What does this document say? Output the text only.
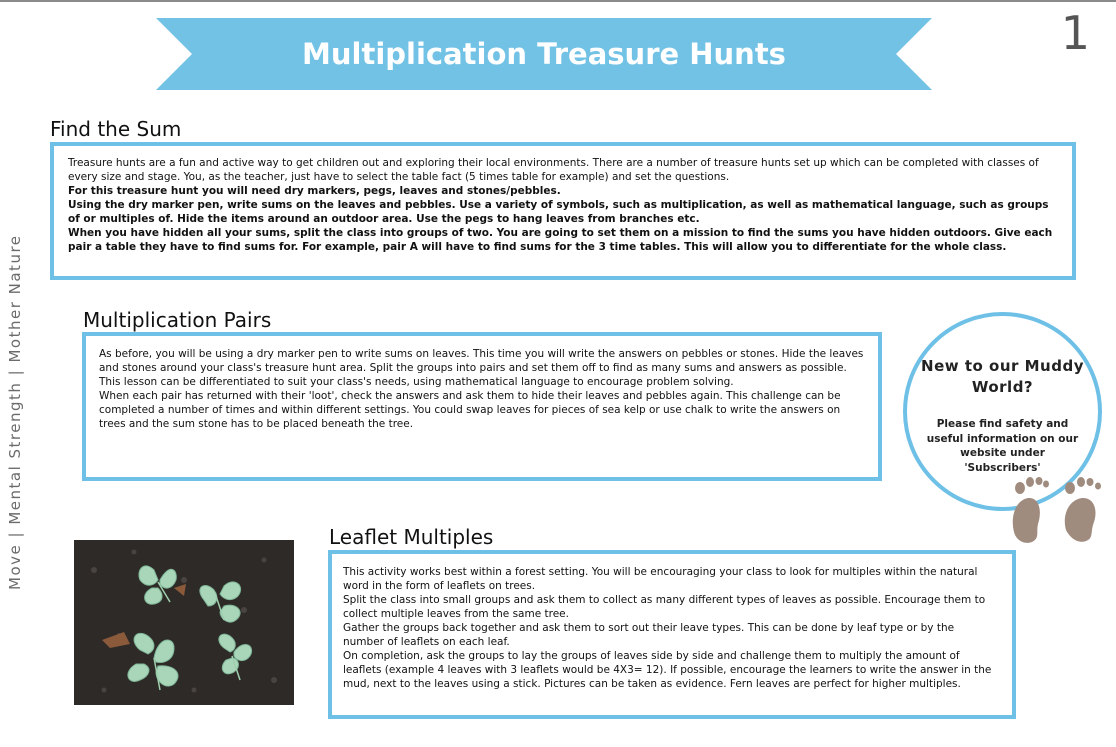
Multiplication Treasure Hunts	1
Move | Mental Strength | Mother Nature
Find the Sum

Treasure hunts are a fun and active way to get children out and exploring their local environments. There are a number of treasure hunts set up which can be completed with classes of every size and stage. You, as the teacher, just have to select the table fact (5 times table for example) and set the questions.

For this treasure hunt you will need dry markers, pegs, leaves and stones/pebbles.

Using the dry marker pen, write sums on the leaves and pebbles. Use a variety of symbols, such as multiplication, as well as mathematical language, such as groups of or multiples of. Hide the items around an outdoor area. Use the pegs to hang leaves from branches etc.

When you have hidden all your sums, split the class into groups of two. You are going to set them on a mission to find the sums you have hidden outdoors. Give each pair a table they have to find sums for. For example, pair A will have to find sums for the 3 time tables. This will allow you to differentiate for the whole class.

Multiplication Pairs

As before, you will be using a dry marker pen to write sums on leaves. This time you will write the answers on pebbles or stones. Hide the leaves and stones around your class's treasure hunt area. Split the groups into pairs and set them off to find as many sums and answers as possible.

This lesson can be differentiated to suit your class's needs, using mathematical language to encourage problem solving.

When each pair has returned with their 'loot', check the answers and ask them to hide their leaves and pebbles again. This challenge can be completed a number of times and within different settings. You could swap leaves for pieces of sea kelp or use chalk to write the answers on trees and the sum stone has to be placed beneath the tree.

New to our Muddy World?
Please find safety and useful information on our website under 'Subscribers'
Leaflet Multiples

This activity works best within a forest setting. You will be encouraging your class to look for multiples within the natural word in the form of leaflets on trees.

Split the class into small groups and ask them to collect as many different types of leaves as possible. Encourage them to collect multiple leaves from the same tree.

Gather the groups back together and ask them to sort out their leave types. This can be done by leaf type or by the number of leaflets on each leaf.

On completion, ask the groups to lay the groups of leaves side by side and challenge them to multiply the amount of leaflets (example 4 leaves with 3 leaflets would be 4X3= 12). If possible, encourage the learners to write the answer in the mud, next to the leaves using a stick. Pictures can be taken as evidence. Fern leaves are perfect for higher multiples.
